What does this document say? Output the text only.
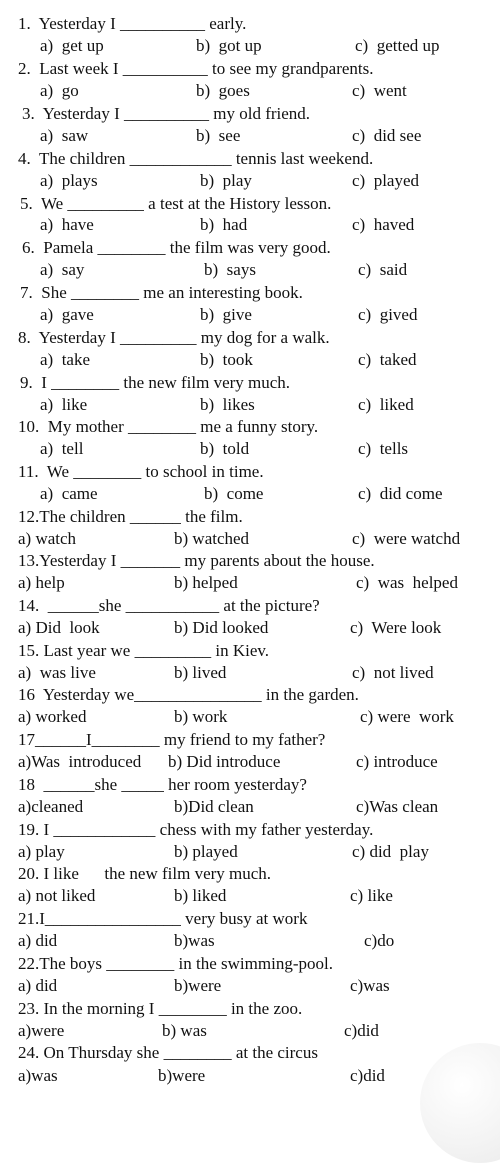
1.  Yesterday I __________ early.
a)  get up	b)  got up	c)  getted up
2.  Last week I __________ to see my grandparents.
a)  go	b)  goes	c)  went
3.  Yesterday I __________ my old friend.
a)  saw	b)  see	c)  did see
4.  The children ____________ tennis last weekend.
a)  plays	b)  play	c)  played
5.  We _________ a test at the History lesson.
a)  have	b)  had	c)  haved
6.  Pamela ________ the film was very good.
a)  say	b)  says	c)  said
7.  She ________ me an interesting book.
a)  gave	b)  give	c)  gived
8.  Yesterday I _________ my dog for a walk.
a)  take	b)  took	c)  taked
9.  I ________ the new film very much.
a)  like	b)  likes	c)  liked
10.  My mother ________ me a funny story.
a)  tell	b)  told	c)  tells
11.  We ________ to school in time.
a)  came	b)  come	c)  did come
12.The children ______ the film.
a) watch	b) watched	c)  were watchd
13.Yesterday I _______ my parents about the house.
a) help	b) helped	c)  was  helped
14.  ______she ___________ at the picture?
a) Did  look	b) Did looked	c)  Were look
15. Last year we _________ in Kiev.
a)  was live	b) lived	c)  not lived
16  Yesterday we_______________ in the garden.
a) worked	b) work	c) were  work
17______I________ my friend to my father?
a)Was  introduced b) Did introduce	c) introduce
18  ______she _____ her room yesterday?
a)cleaned	b)Did clean	c)Was clean
19. I ____________ chess with my father yesterday.
a) play	b) played	c) did  play
20. I like      the new film very much.
a) not liked	b) liked	c) like
21.I________________ very busy at work
a) did	b)was	c)do
22.The boys ________ in the swimming-pool.
a) did	b)were	c)was
23. In the morning I ________ in the zoo.
a)were	b) was	c)did
24. On Thursday she ________ at the circus
a)was	b)were	c)did
